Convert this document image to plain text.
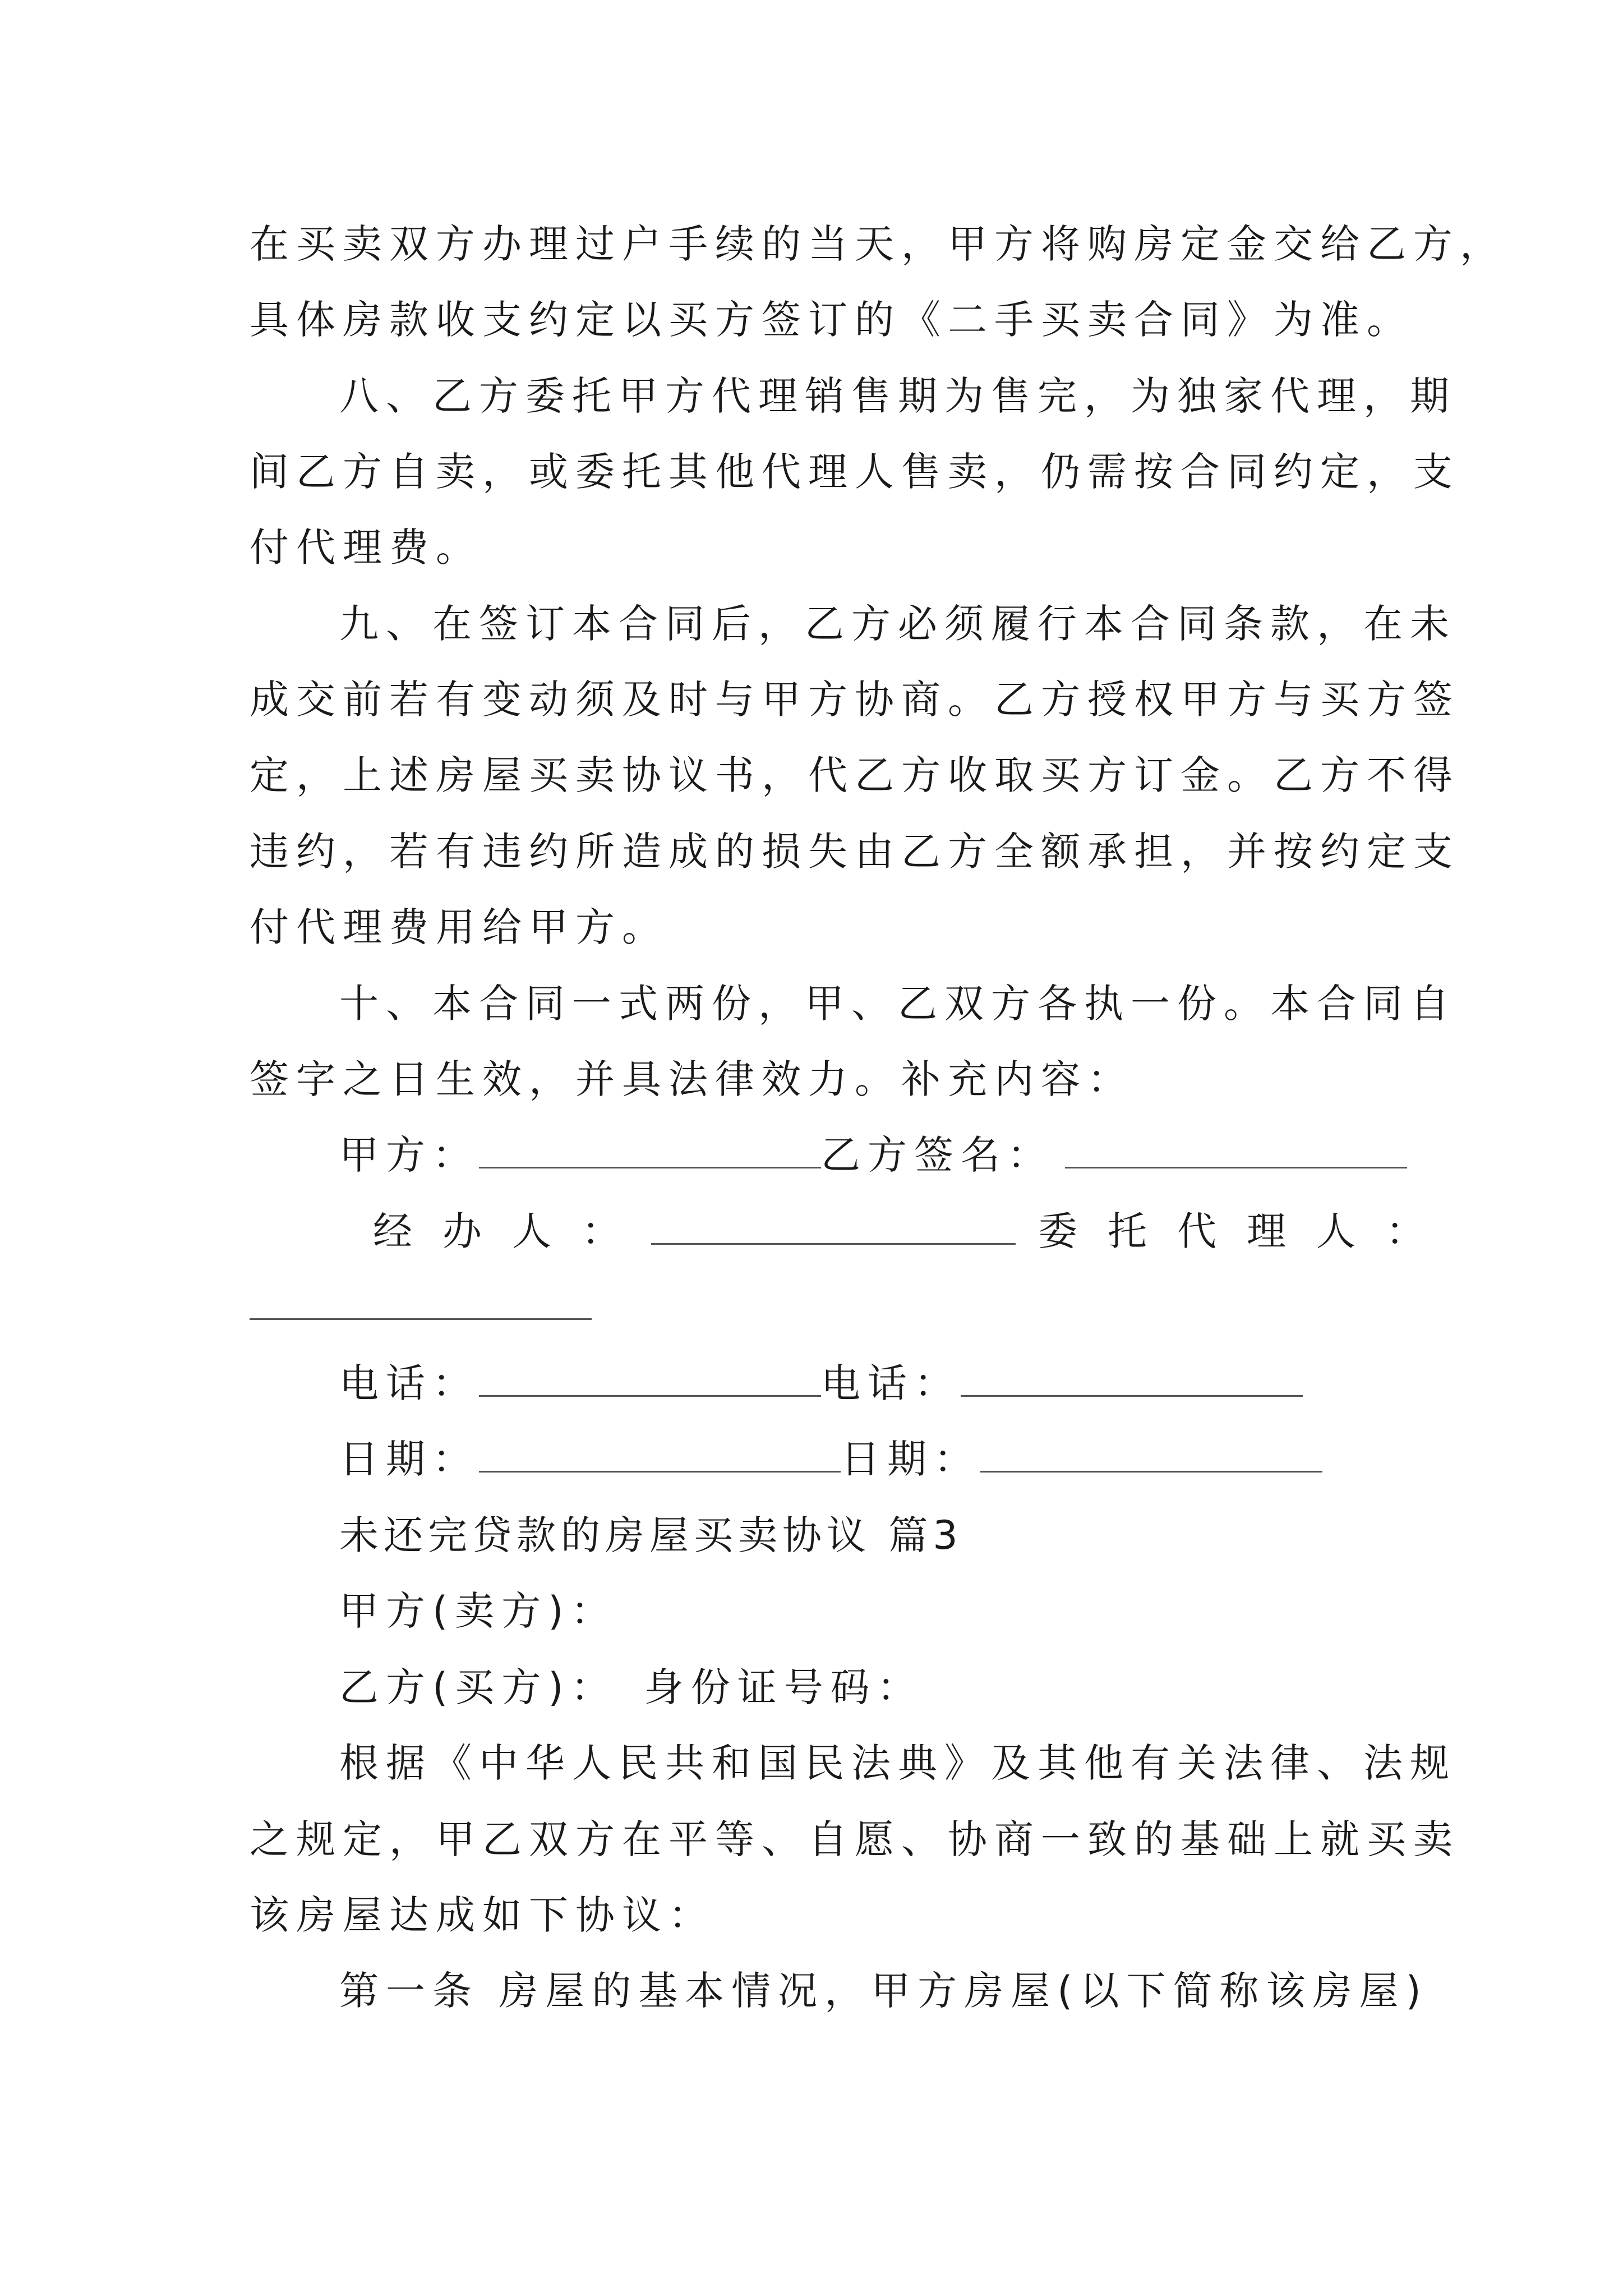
在买卖双方办理过户手续的当天，甲方将购房定金交给乙方，
具体房款收支约定以买方签订的《二手买卖合同》为准。
八、乙方委托甲方代理销售期为售完，为独家代理，期
间乙方自卖，或委托其他代理人售卖，仍需按合同约定，支
付代理费。
九、在签订本合同后，乙方必须履行本合同条款，在未
成交前若有变动须及时与甲方协商。乙方授权甲方与买方签
定，上述房屋买卖协议书，代乙方收取买方订金。乙方不得
违约，若有违约所造成的损失由乙方全额承担，并按约定支
付代理费用给甲方。
十、本合同一式两份，甲、乙双方各执一份。本合同自
签字之日生效，并具法律效力。补充内容：
甲方：	乙方签名：
经办人：	委托代理人：
电话：	电话：
日期：	日期：
未还完贷款的房屋买卖协议 篇3
甲方(卖方)：
乙方(买方)： 身份证号码：
根据《中华人民共和国民法典》及其他有关法律、法规
之规定，甲乙双方在平等、自愿、协商一致的基础上就买卖
该房屋达成如下协议：
第一条 房屋的基本情况，甲方房屋(以下简称该房屋)
